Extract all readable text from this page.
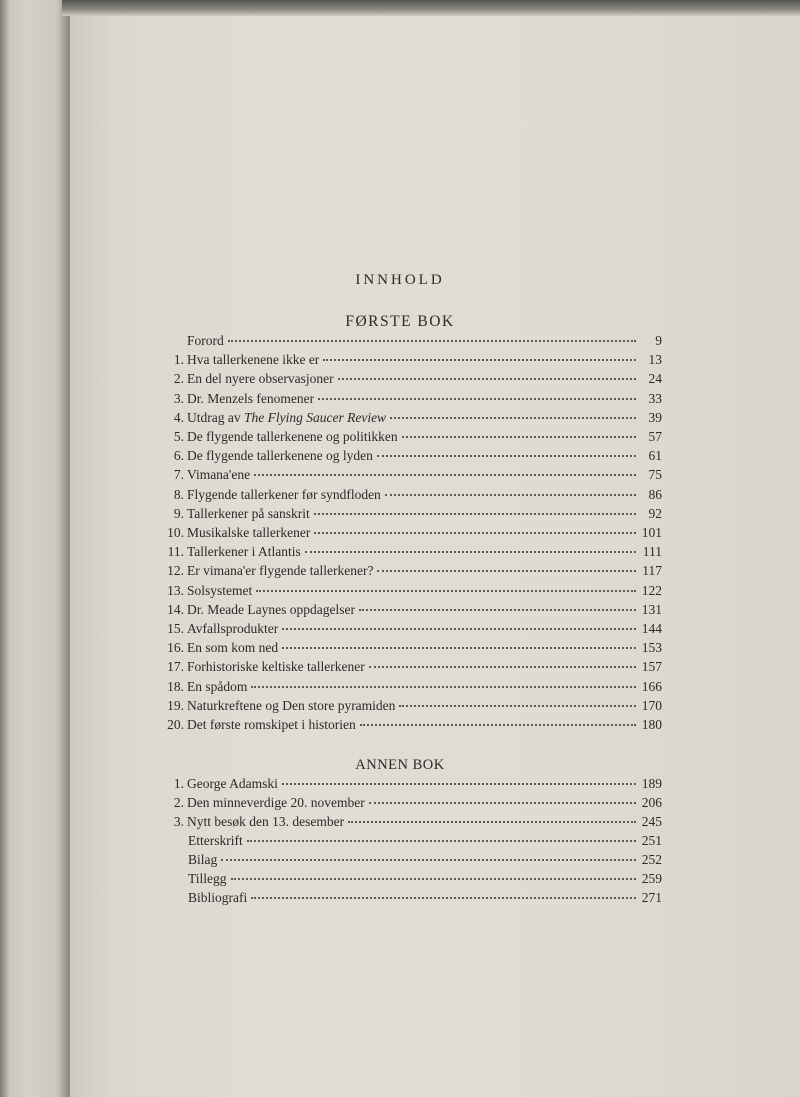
INNHOLD
FØRSTE BOK
ANNEN BOK
Forord	9
1. Hva tallerkenene ikke er	13
2. En del nyere observasjoner	24
3. Dr. Menzels fenomener	33
4. Utdrag av The Flying Saucer Review	39
5. De flygende tallerkenene og politikken	57
6. De flygende tallerkenene og lyden	61
7. Vimana'ene	75
8. Flygende tallerkener før syndfloden	86
9. Tallerkener på sanskrit	92
10. Musikalske tallerkener	101
11. Tallerkener i Atlantis	111
12. Er vimana'er flygende tallerkener?	117
13. Solsystemet	122
14. Dr. Meade Laynes oppdagelser	131
15. Avfallsprodukter	144
16. En som kom ned	153
17. Forhistoriske keltiske tallerkener	157
18. En spådom	166
19. Naturkreftene og Den store pyramiden	170
20. Det første romskipet i historien	180
1. George Adamski	189
2. Den minneverdige 20. november	206
3. Nytt besøk den 13. desember	245
Etterskrift	251
Bilag	252
Tillegg	259
Bibliografi	271
